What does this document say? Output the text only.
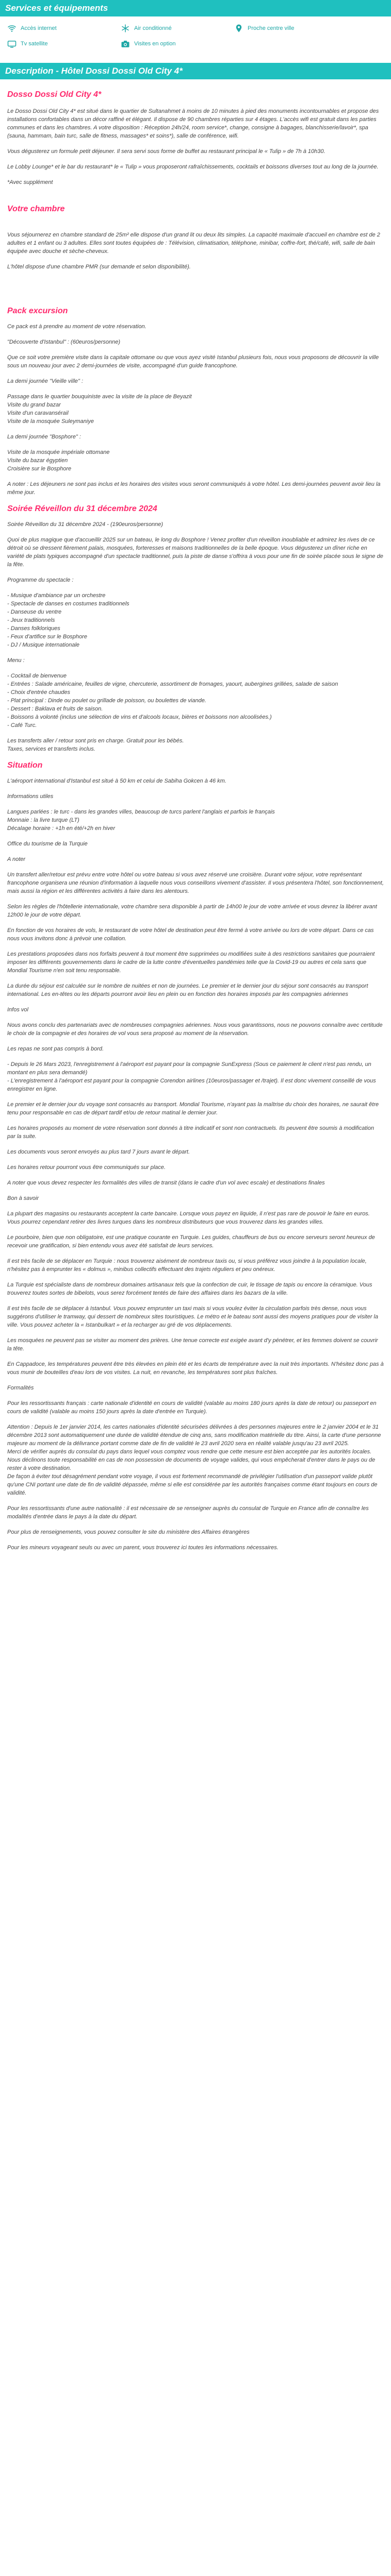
Services et équipements
Accès internet	Air conditionné	Proche centre ville
Tv satellite	Visites en option
Description - Hôtel Dossi Dossi Old City 4*
Dosso Dossi Old City 4*

Le Dosso Dossi Old City 4* est situé dans le quartier de Sultanahmet à moins de 10 minutes à pied des monuments incontournables et propose des installations confortables dans un décor raffiné et élégant. Il dispose de 90 chambres réparties sur 4 étages. L'accès wifi est gratuit dans les parties communes et dans les chambres. A votre disposition : Réception 24h/24, room service*, change, consigne à bagages, blanchisserie/lavoir*, spa (sauna, hammam, bain turc, salle de fitness, massages* et soins*), salle de conférence, wifi.

Vous dégusterez un formule petit déjeuner. Il sera servi sous forme de buffet au restaurant principal le « Tulip » de 7h à 10h30.

Le Lobby Lounge* et le bar du restaurant* le « Tulip » vous proposeront rafraîchissements, cocktails et boissons diverses tout au long de la journée.

*Avec supplément

Votre chambre

Vous séjournerez en chambre standard de 25m² elle dispose d'un grand lit ou deux lits simples. La capacité maximale d'accueil en chambre est de 2 adultes et 1 enfant ou 3 adultes. Elles sont toutes équipées de : Télévision, climatisation, téléphone, minibar, coffre-fort, thé/café, wifi, salle de bain équipée avec douche et sèche-cheveux.

L'hôtel dispose d'une chambre PMR (sur demande et selon disponibilité).

Pack excursion

Ce pack est à prendre au moment de votre réservation.

"Découverte d'Istanbul" : (60euros/personne)

Que ce soit votre première visite dans la capitale ottomane ou que vous ayez visité Istanbul plusieurs fois, nous vous proposons de découvrir la ville sous un nouveau jour avec 2 demi-journées de visite, accompagné d'un guide francophone.

La demi journée "Vieille ville" :

Passage dans le quartier bouquiniste avec la visite de la place de Beyazit
Visite du grand bazar
Visite d'un caravansérail
Visite de la mosquée Suleymaniye

La demi journée "Bosphore" :

Visite de la mosquée impériale ottomane
Visite du bazar égyptien
Croisière sur le Bosphore

A noter : Les déjeuners ne sont pas inclus et les horaires des visites vous seront communiqués à votre hôtel. Les demi-journées peuvent avoir lieu la même jour.

Soirée Réveillon du 31 décembre 2024

Soirée Réveillon du 31 décembre 2024 - (190euros/personne)

Quoi de plus magique que d'accueillir 2025 sur un bateau, le long du Bosphore ! Venez profiter d'un réveillon inoubliable et admirez les rives de ce détroit où se dressent fièrement palais, mosquées, forteresses et maisons traditionnelles de la belle époque. Vous dégusterez un dîner riche en variété de plats typiques accompagné d'un spectacle traditionnel, puis la piste de danse s'offrira à vous pour une fin de soirée placée sous le signe de la fête.

Programme du spectacle :

- Musique d'ambiance par un orchestre
- Spectacle de danses en costumes traditionnels
- Danseuse du ventre
- Jeux traditionnels
- Danses folkloriques
- Feux d'artifice sur le Bosphore
- DJ / Musique internationale

Menu :

- Cocktail de bienvenue
- Entrées : Salade américaine, feuilles de vigne, chercuterie, assortiment de fromages, yaourt, aubergines grillées, salade de saison
- Choix d'entrée chaudes
- Plat principal : Dinde ou poulet ou grillade de poisson, ou boulettes de viande.
- Dessert : Baklava et fruits de saison.
- Boissons à volonté (inclus une sélection de vins et d'alcools locaux, bières et boissons non alcoolisées.)
- Café Turc.

Les transferts aller / retour sont pris en charge. Gratuit pour les bébés.
Taxes, services et transferts inclus.

Situation

L'aéroport international d'Istanbul est situé à 50 km et celui de Sabiha Gokcen à 46 km.

Informations utiles

Langues parlées : le turc - dans les grandes villes, beaucoup de turcs parlent l'anglais et parfois le français
Monnaie : la livre turque (LT)
Décalage horaire : +1h en été/+2h en hiver

Office du tourisme de la Turquie

A noter

Un transfert aller/retour est prévu entre votre hôtel ou votre bateau si vous avez réservé une croisière. Durant votre séjour, votre représentant francophone organisera une réunion d'information à laquelle nous vous conseillons vivement d'assister. Il vous présentera l'hôtel, son fonctionnement, mais aussi la région et les différentes activités à faire dans les alentours.

Selon les règles de l'hôtellerie internationale, votre chambre sera disponible à partir de 14h00 le jour de votre arrivée et vous devrez la libérer avant 12h00 le jour de votre départ.

En fonction de vos horaires de vols, le restaurant de votre hôtel de destination peut être fermé à votre arrivée ou lors de votre départ. Dans ce cas nous vous invitons donc à prévoir une collation.

Les prestations proposées dans nos forfaits peuvent à tout moment être supprimées ou modifiées suite à des restrictions sanitaires que pourraient imposer les différents gouvernements dans le cadre de la lutte contre d'éventuelles pandémies telle que la Covid-19 ou autres et cela sans que Mondial Tourisme n'en soit tenu responsable.

La durée du séjour est calculée sur le nombre de nuitées et non de journées. Le premier et le dernier jour du séjour sont consacrés au transport international. Les en-têtes ou les départs pourront avoir lieu en plein ou en fonction des horaires imposés par les compagnies aériennes

Infos vol

Nous avons conclu des partenariats avec de nombreuses compagnies aériennes. Nous vous garantissons, nous ne pouvons connaître avec certitude le choix de la compagnie et des horaires de vol vous sera proposé au moment de la réservation.

Les repas ne sont pas compris à bord.

- Depuis le 26 Mars 2023, l'enregistrement à l'aéroport est payant pour la compagnie SunExpress (Sous ce paiement le client n'est pas rendu, un montant en plus sera demandé)
- L'enregistrement à l'aéroport est payant pour la compagnie Corendon airlines (10euros/passager et /trajet). Il est donc vivement conseillé de vous enregistrer en ligne.

Le premier et le dernier jour du voyage sont consacrés au transport. Mondial Tourisme, n'ayant pas la maîtrise du choix des horaires, ne saurait être tenu pour responsable en cas de départ tardif et/ou de retour matinal le dernier jour.

Les horaires proposés au moment de votre réservation sont donnés à titre indicatif et sont non contractuels. Ils peuvent être soumis à modification par la suite.

Les documents vous seront envoyés au plus tard 7 jours avant le départ.

Les horaires retour pourront vous être communiqués sur place.

A noter que vous devez respecter les formalités des villes de transit (dans le cadre d'un vol avec escale) et destinations finales

Bon à savoir

La plupart des magasins ou restaurants acceptent la carte bancaire. Lorsque vous payez en liquide, il n'est pas rare de pouvoir le faire en euros. Vous pourrez cependant retirer des livres turques dans les nombreux distributeurs que vous trouverez dans les grandes villes.

Le pourboire, bien que non obligatoire, est une pratique courante en Turquie. Les guides, chauffeurs de bus ou encore serveurs seront heureux de recevoir une gratification, si bien entendu vous avez été satisfait de leurs services.

Il est très facile de se déplacer en Turquie : nous trouverez aisément de nombreux taxis ou, si vous préférez vous joindre à la population locale, n'hésitez pas à emprunter les « dolmus », minibus collectifs effectuant des trajets réguliers et peu onéreux.

La Turquie est spécialiste dans de nombreux domaines artisanaux tels que la confection de cuir, le tissage de tapis ou encore la céramique. Vous trouverez toutes sortes de bibelots, vous serez forcément tentés de faire des affaires dans les bazars de la ville.

Il est très facile de se déplacer à Istanbul. Vous pouvez emprunter un taxi mais si vous voulez éviter la circulation parfois très dense, nous vous suggérons d'utiliser le tramway, qui dessert de nombreux sites touristiques. Le métro et le bateau sont aussi des moyens pratiques pour de visiter la ville. Vous pouvez acheter la « Istanbulkart » et la recharger au gré de vos déplacements.

Les mosquées ne peuvent pas se visiter au moment des prières. Une tenue correcte est exigée avant d'y pénétrer, et les femmes doivent se couvrir la tête.

En Cappadoce, les températures peuvent être très élevées en plein été et les écarts de température avec la nuit très importants. N'hésitez donc pas à vous munir de bouteilles d'eau lors de vos visites. La nuit, en revanche, les températures sont plus fraîches.

Formalités

Pour les ressortissants français : carte nationale d'identité en cours de validité (valable au moins 180 jours après la date de retour) ou passeport en cours de validité (valable au moins 150 jours après la date d'entrée en Turquie).

Attention : Depuis le 1er janvier 2014, les cartes nationales d'identité sécurisées délivrées à des personnes majeures entre le 2 janvier 2004 et le 31 décembre 2013 sont automatiquement une durée de validité étendue de cinq ans, sans modification matérielle du titre. Ainsi, la carte d'une personne majeure au moment de la délivrance portant comme date de fin de validité le 23 avril 2020 sera en réalité valable jusqu'au 23 avril 2025.
Merci de vérifier auprès du consulat du pays dans lequel vous comptez vous rendre que cette mesure est bien acceptée par les autorités locales.
Nous déclinons toute responsabilité en cas de non possession de documents de voyage valides, qui vous empêcherait d'entrer dans le pays ou de rester à votre destination.
De façon à éviter tout désagrément pendant votre voyage, il vous est fortement recommandé de privilégier l'utilisation d'un passeport valide plutôt qu'une CNI portant une date de fin de validité dépassée, même si elle est considérée par les autorités françaises comme étant toujours en cours de validité.

Pour les ressortissants d'une autre nationalité : il est nécessaire de se renseigner auprès du consulat de Turquie en France afin de connaître les modalités d'entrée dans le pays à la date du départ.

Pour plus de renseignements, vous pouvez consulter le site du ministère des Affaires étrangères

Pour les mineurs voyageant seuls ou avec un parent, vous trouverez ici toutes les informations nécessaires.
